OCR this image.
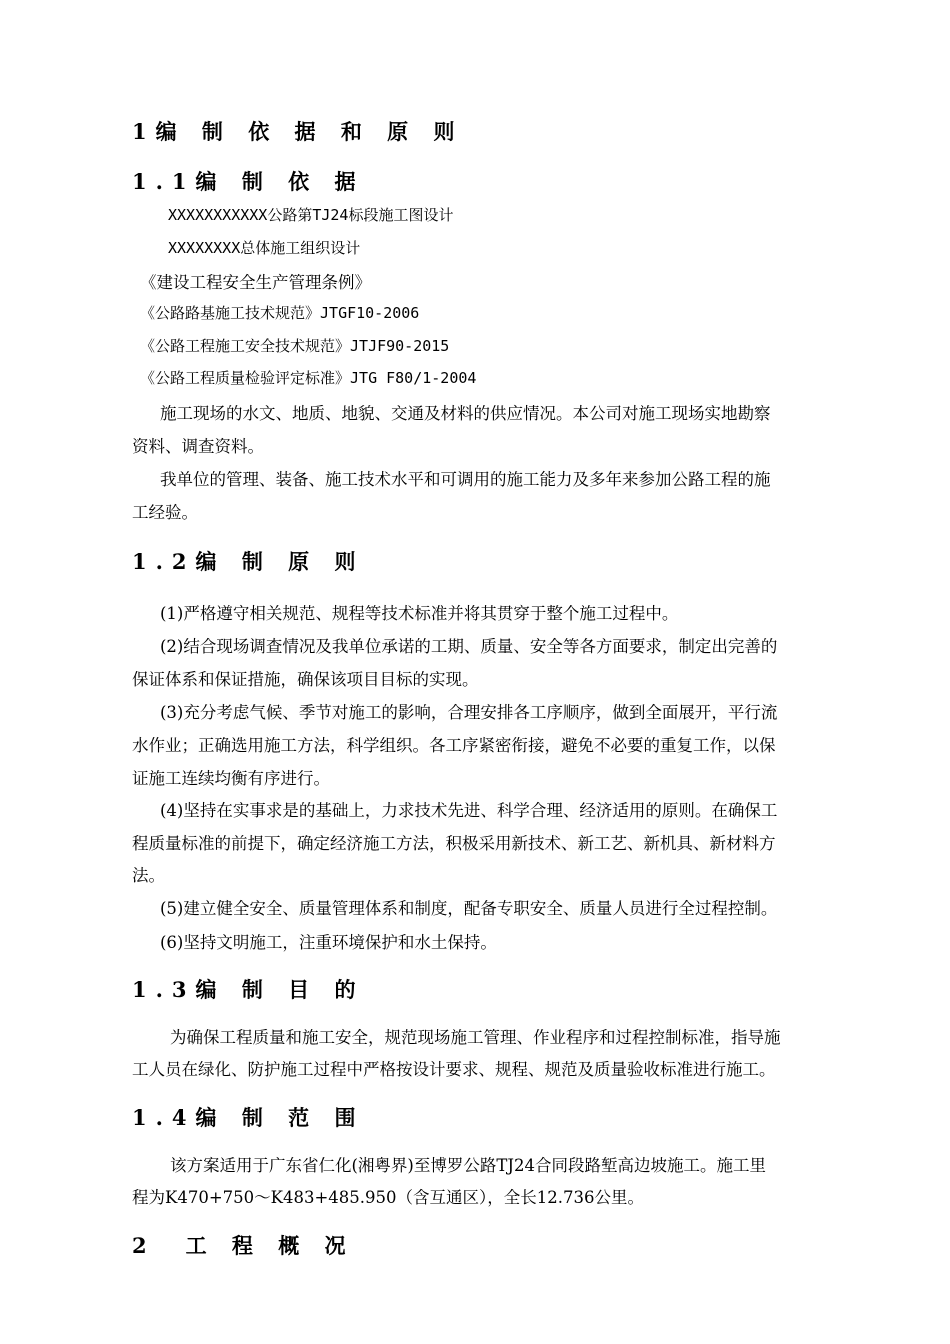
1编 制 依 据 和 原 则
1.1编 制 依 据
XXXXXXXXXXX公路第TJ24标段施工图设计
XXXXXXXX总体施工组织设计
《建设工程安全生产管理条例》
《公路路基施工技术规范》JTGF10-2006
《公路工程施工安全技术规范》JTJF90-2015
《公路工程质量检验评定标准》JTG F80/1-2004
施工现场的水文、地质、地貌、交通及材料的供应情况。本公司对施工现场实地勘察
资料、调查资料。
我单位的管理、装备、施工技术水平和可调用的施工能力及多年来参加公路工程的施
工经验。
1.2编 制 原 则
(1)严格遵守相关规范、规程等技术标准并将其贯穿于整个施工过程中。
(2)结合现场调查情况及我单位承诺的工期、质量、安全等各方面要求，制定出完善的
保证体系和保证措施，确保该项目目标的实现。
(3)充分考虑气候、季节对施工的影响，合理安排各工序顺序，做到全面展开，平行流
水作业；正确选用施工方法，科学组织。各工序紧密衔接，避免不必要的重复工作，以保
证施工连续均衡有序进行。
(4)坚持在实事求是的基础上，力求技术先进、科学合理、经济适用的原则。在确保工
程质量标准的前提下，确定经济施工方法，积极采用新技术、新工艺、新机具、新材料方
法。
(5)建立健全安全、质量管理体系和制度，配备专职安全、质量人员进行全过程控制。
(6)坚持文明施工，注重环境保护和水土保持。
1.3编 制 目 的
为确保工程质量和施工安全，规范现场施工管理、作业程序和过程控制标准，指导施
工人员在绿化、防护施工过程中严格按设计要求、规程、规范及质量验收标准进行施工。
1.4编 制 范 围
该方案适用于广东省仁化(湘粤界)至博罗公路TJ24合同段路堑高边坡施工。施工里
程为K470+750～K483+485.950（含互通区），全长12.736公里。
2　工 程 概 况
